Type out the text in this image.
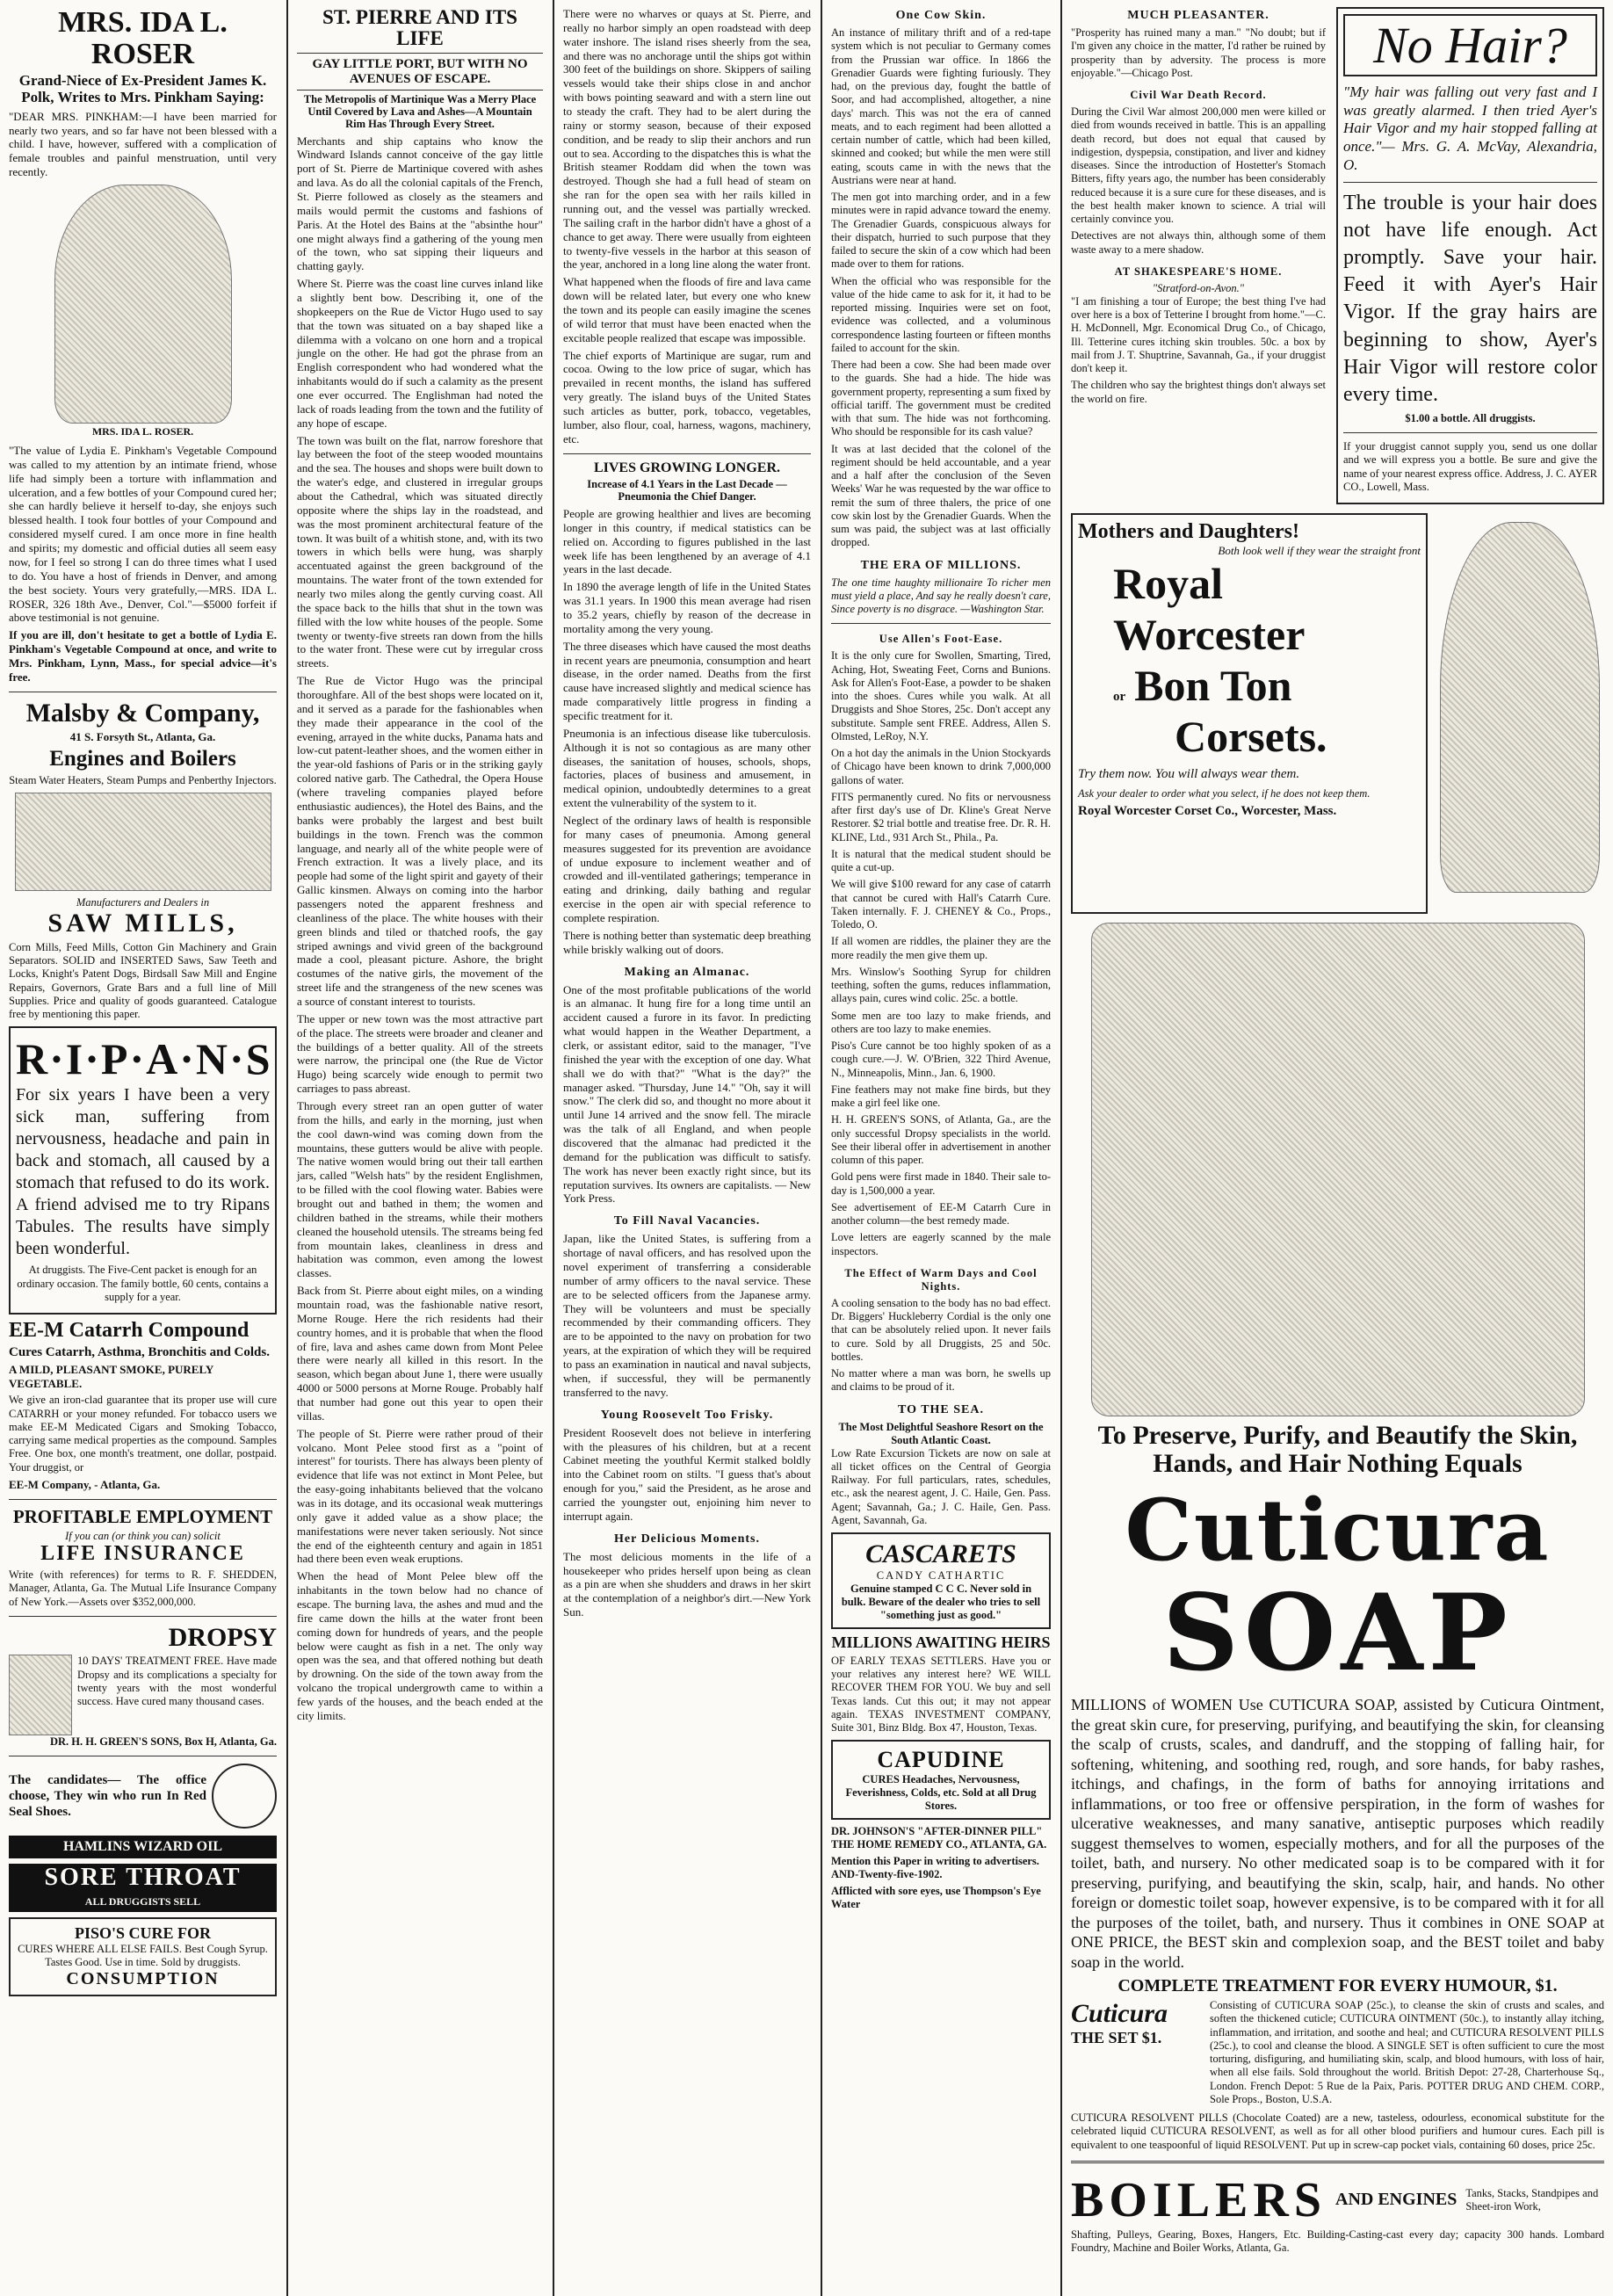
MRS. IDA L. ROSER
Grand-Niece of Ex-President James K. Polk, Writes to Mrs. Pinkham Saying:

"DEAR MRS. PINKHAM:—I have been married for nearly two years, and so far have not been blessed with a child. I have, however, suffered with a complication of female troubles and painful menstruation, until very recently.

MRS. IDA L. ROSER.

"The value of Lydia E. Pinkham's Vegetable Compound was called to my attention by an intimate friend, whose life had simply been a torture with inflammation and ulceration, and a few bottles of your Compound cured her; she can hardly believe it herself to-day, she enjoys such blessed health. I took four bottles of your Compound and considered myself cured. I am once more in fine health and spirits; my domestic and official duties all seem easy now, for I feel so strong I can do three times what I used to do. You have a host of friends in Denver, and among the best society. Yours very gratefully,—MRS. IDA L. ROSER, 326 18th Ave., Denver, Col."—$5000 forfeit if above testimonial is not genuine.

If you are ill, don't hesitate to get a bottle of Lydia E. Pinkham's Vegetable Compound at once, and write to Mrs. Pinkham, Lynn, Mass., for special advice—it's free.

Malsby & Company,
41 S. Forsyth St., Atlanta, Ga.
Engines and Boilers
Steam Water Heaters, Steam Pumps and Penberthy Injectors.
Manufacturers and Dealers in
SAW MILLS,

Corn Mills, Feed Mills, Cotton Gin Machinery and Grain Separators. SOLID and INSERTED Saws, Saw Teeth and Locks, Knight's Patent Dogs, Birdsall Saw Mill and Engine Repairs, Governors, Grate Bars and a full line of Mill Supplies. Price and quality of goods guaranteed. Catalogue free by mentioning this paper.

R·I·P·A·N·S

For six years I have been a very sick man, suffering from nervousness, headache and pain in back and stomach, all caused by a stomach that refused to do its work. A friend advised me to try Ripans Tabules. The results have simply been wonderful.

At druggists. The Five-Cent packet is enough for an ordinary occasion. The family bottle, 60 cents, contains a supply for a year.

EE-M Catarrh Compound
Cures Catarrh, Asthma, Bronchitis and Colds.
A MILD, PLEASANT SMOKE, PURELY VEGETABLE.

We give an iron-clad guarantee that its proper use will cure CATARRH or your money refunded. For tobacco users we make EE-M Medicated Cigars and Smoking Tobacco, carrying same medical properties as the compound. Samples Free. One box, one month's treatment, one dollar, postpaid. Your druggist, or

EE-M Company, - Atlanta, Ga.
PROFITABLE EMPLOYMENT
If you can (or think you can) solicit
LIFE INSURANCE

Write (with references) for terms to R. F. SHEDDEN, Manager, Atlanta, Ga. The Mutual Life Insurance Company of New York.—Assets over $352,000,000.

DROPSY

10 DAYS' TREATMENT FREE. Have made Dropsy and its complications a specialty for twenty years with the most wonderful success. Have cured many thousand cases.

DR. H. H. GREEN'S SONS, Box H, Atlanta, Ga.

The candidates— The office choose, They win who run In Red Seal Shoes.

HAMLINS WIZARD OIL
SORE THROAT
ALL DRUGGISTS SELL
PISO'S CURE FOR
CURES WHERE ALL ELSE FAILS. Best Cough Syrup. Tastes Good. Use in time. Sold by druggists.
CONSUMPTION
ST. PIERRE AND ITS LIFE
GAY LITTLE PORT, BUT WITH NO AVENUES OF ESCAPE.
The Metropolis of Martinique Was a Merry Place Until Covered by Lava and Ashes—A Mountain Rim Has Through Every Street.

Merchants and ship captains who know the Windward Islands cannot conceive of the gay little port of St. Pierre de Martinique covered with ashes and lava. As do all the colonial capitals of the French, St. Pierre followed as closely as the steamers and mails would permit the customs and fashions of Paris. At the Hotel des Bains at the "absinthe hour" one might always find a gathering of the young men of the town, who sat sipping their liqueurs and chatting gayly.

Where St. Pierre was the coast line curves inland like a slightly bent bow. Describing it, one of the shopkeepers on the Rue de Victor Hugo used to say that the town was situated on a bay shaped like a dilemma with a volcano on one horn and a tropical jungle on the other. He had got the phrase from an English correspondent who had wondered what the inhabitants would do if such a calamity as the present one ever occurred. The Englishman had noted the lack of roads leading from the town and the futility of any hope of escape.

The town was built on the flat, narrow foreshore that lay between the foot of the steep wooded mountains and the sea. The houses and shops were built down to the water's edge, and clustered in irregular groups about the Cathedral, which was situated directly opposite where the ships lay in the roadstead, and was the most prominent architectural feature of the town. It was built of a whitish stone, and, with its two towers in which bells were hung, was sharply accentuated against the green background of the mountains. The water front of the town extended for nearly two miles along the gently curving coast. All the space back to the hills that shut in the town was filled with the low white houses of the people. Some twenty or twenty-five streets ran down from the hills to the water front. These were cut by irregular cross streets.

The Rue de Victor Hugo was the principal thoroughfare. All of the best shops were located on it, and it served as a parade for the fashionables when they made their appearance in the cool of the evening, arrayed in the white ducks, Panama hats and low-cut patent-leather shoes, and the women either in the year-old fashions of Paris or in the striking gayly colored native garb. The Cathedral, the Opera House (where traveling companies played before enthusiastic audiences), the Hotel des Bains, and the banks were probably the largest and best built buildings in the town. French was the common language, and nearly all of the white people were of French extraction. It was a lively place, and its people had some of the light spirit and gayety of their Gallic kinsmen. Always on coming into the harbor passengers noted the apparent freshness and cleanliness of the place. The white houses with their green blinds and tiled or thatched roofs, the gay striped awnings and vivid green of the background made a cool, pleasant picture. Ashore, the bright costumes of the native girls, the movement of the street life and the strangeness of the new scenes was a source of constant interest to tourists.

The upper or new town was the most attractive part of the place. The streets were broader and cleaner and the buildings of a better quality. All of the streets were narrow, the principal one (the Rue de Victor Hugo) being scarcely wide enough to permit two carriages to pass abreast.

Through every street ran an open gutter of water from the hills, and early in the morning, just when the cool dawn-wind was coming down from the mountains, these gutters would be alive with people. The native women would bring out their tall earthen jars, called "Welsh hats" by the resident Englishmen, to be filled with the cool flowing water. Babies were brought out and bathed in them; the women and children bathed in the streams, while their mothers cleaned the household utensils. The streams being fed from mountain lakes, cleanliness in dress and habitation was common, even among the lowest classes.

Back from St. Pierre about eight miles, on a winding mountain road, was the fashionable native resort, Morne Rouge. Here the rich residents had their country homes, and it is probable that when the flood of fire, lava and ashes came down from Mont Pelee there were nearly all killed in this resort. In the season, which began about June 1, there were usually 4000 or 5000 persons at Morne Rouge. Probably half that number had gone out this year to open their villas.

The people of St. Pierre were rather proud of their volcano. Mont Pelee stood first as a "point of interest" for tourists. There has always been plenty of evidence that life was not extinct in Mont Pelee, but the easy-going inhabitants believed that the volcano was in its dotage, and its occasional weak mutterings only gave it added value as a show place; the manifestations were never taken seriously. Not since the end of the eighteenth century and again in 1851 had there been even weak eruptions.

When the head of Mont Pelee blew off the inhabitants in the town below had no chance of escape. The burning lava, the ashes and mud and the fire came down the hills at the water front been coming down for hundreds of years, and the people below were caught as fish in a net. The only way open was the sea, and that offered nothing but death by drowning. On the side of the town away from the volcano the tropical undergrowth came to within a few yards of the houses, and the beach ended at the city limits.

There were no wharves or quays at St. Pierre, and really no harbor simply an open roadstead with deep water inshore. The island rises sheerly from the sea, and there was no anchorage until the ships got within 300 feet of the buildings on shore. Skippers of sailing vessels would take their ships close in and anchor with bows pointing seaward and with a stern line out to steady the craft. They had to be alert during the rainy or stormy season, because of their exposed condition, and be ready to slip their anchors and run out to sea. According to the dispatches this is what the British steamer Roddam did when the town was destroyed. Though she had a full head of steam on she ran for the open sea with her rails killed in running out, and the vessel was partially wrecked. The sailing craft in the harbor didn't have a ghost of a chance to get away. There were usually from eighteen to twenty-five vessels in the harbor at this season of the year, anchored in a long line along the water front.

What happened when the floods of fire and lava came down will be related later, but every one who knew the town and its people can easily imagine the scenes of wild terror that must have been enacted when the excitable people realized that escape was impossible.

The chief exports of Martinique are sugar, rum and cocoa. Owing to the low price of sugar, which has prevailed in recent months, the island has suffered very greatly. The island buys of the United States such articles as butter, pork, tobacco, vegetables, lumber, also flour, coal, harness, wagons, machinery, etc.

LIVES GROWING LONGER.
Increase of 4.1 Years in the Last Decade —Pneumonia the Chief Danger.

People are growing healthier and lives are becoming longer in this country, if medical statistics can be relied on. According to figures published in the last week life has been lengthened by an average of 4.1 years in the last decade.

In 1890 the average length of life in the United States was 31.1 years. In 1900 this mean average had risen to 35.2 years, chiefly by reason of the decrease in mortality among the very young.

The three diseases which have caused the most deaths in recent years are pneumonia, consumption and heart disease, in the order named. Deaths from the first cause have increased slightly and medical science has made comparatively little progress in finding a specific treatment for it.

Pneumonia is an infectious disease like tuberculosis. Although it is not so contagious as are many other diseases, the sanitation of houses, schools, shops, factories, places of business and amusement, in medical opinion, undoubtedly determines to a great extent the vulnerability of the system to it.

Neglect of the ordinary laws of health is responsible for many cases of pneumonia. Among general measures suggested for its prevention are avoidance of undue exposure to inclement weather and of crowded and ill-ventilated gatherings; temperance in eating and drinking, daily bathing and regular exercise in the open air with special reference to complete respiration.

There is nothing better than systematic deep breathing while briskly walking out of doors.

Making an Almanac.

One of the most profitable publications of the world is an almanac. It hung fire for a long time until an accident caused a furore in its favor. In predicting what would happen in the Weather Department, a clerk, or assistant editor, said to the manager, "I've finished the year with the exception of one day. What shall we do with that?" "What is the day?" the manager asked. "Thursday, June 14." "Oh, say it will snow." The clerk did so, and thought no more about it until June 14 arrived and the snow fell. The miracle was the talk of all England, and when people discovered that the almanac had predicted it the demand for the publication was difficult to satisfy. The work has never been exactly right since, but its reputation survives. Its owners are capitalists. — New York Press.

To Fill Naval Vacancies.

Japan, like the United States, is suffering from a shortage of naval officers, and has resolved upon the novel experiment of transferring a considerable number of army officers to the naval service. These are to be selected officers from the Japanese army. They will be volunteers and must be specially recommended by their commanding officers. They are to be appointed to the navy on probation for two years, at the expiration of which they will be required to pass an examination in nautical and naval subjects, when, if successful, they will be permanently transferred to the navy.

Young Roosevelt Too Frisky.

President Roosevelt does not believe in interfering with the pleasures of his children, but at a recent Cabinet meeting the youthful Kermit stalked boldly into the Cabinet room on stilts. "I guess that's about enough for you," said the President, as he arose and carried the youngster out, enjoining him never to interrupt again.

Her Delicious Moments.

The most delicious moments in the life of a housekeeper who prides herself upon being as clean as a pin are when she shudders and draws in her skirt at the contemplation of a neighbor's dirt.—New York Sun.

One Cow Skin.

An instance of military thrift and of a red-tape system which is not peculiar to Germany comes from the Prussian war office. In 1866 the Grenadier Guards were fighting furiously. They had, on the previous day, fought the battle of Soor, and had accomplished, altogether, a nine days' march. This was not the era of canned meats, and to each regiment had been allotted a certain number of cattle, which had been killed, skinned and cooked; but while the men were still eating, scouts came in with the news that the Austrians were near at hand.

The men got into marching order, and in a few minutes were in rapid advance toward the enemy. The Grenadier Guards, conspicuous always for their dispatch, hurried to such purpose that they failed to secure the skin of a cow which had been made over to them for rations.

When the official who was responsible for the value of the hide came to ask for it, it had to be reported missing. Inquiries were set on foot, evidence was collected, and a voluminous correspondence lasting fourteen or fifteen months failed to account for the skin.

There had been a cow. She had been made over to the guards. She had a hide. The hide was government property, representing a sum fixed by official tariff. The government must be credited with that sum. The hide was not forthcoming. Who should be responsible for its cash value?

It was at last decided that the colonel of the regiment should be held accountable, and a year and a half after the conclusion of the Seven Weeks' War he was requested by the war office to remit the sum of three thalers, the price of one cow skin lost by the Grenadier Guards. When the sum was paid, the subject was at last officially dropped.

THE ERA OF MILLIONS.

The one time haughty millionaire To richer men must yield a place, And say he really doesn't care, Since poverty is no disgrace. —Washington Star.

Use Allen's Foot-Ease.

It is the only cure for Swollen, Smarting, Tired, Aching, Hot, Sweating Feet, Corns and Bunions. Ask for Allen's Foot-Ease, a powder to be shaken into the shoes. Cures while you walk. At all Druggists and Shoe Stores, 25c. Don't accept any substitute. Sample sent FREE. Address, Allen S. Olmsted, LeRoy, N.Y.

On a hot day the animals in the Union Stockyards of Chicago have been known to drink 7,000,000 gallons of water.

FITS permanently cured. No fits or nervousness after first day's use of Dr. Kline's Great Nerve Restorer. $2 trial bottle and treatise free. Dr. R. H. KLINE, Ltd., 931 Arch St., Phila., Pa.

It is natural that the medical student should be quite a cut-up.

We will give $100 reward for any case of catarrh that cannot be cured with Hall's Catarrh Cure. Taken internally. F. J. CHENEY & Co., Props., Toledo, O.

If all women are riddles, the plainer they are the more readily the men give them up.

Mrs. Winslow's Soothing Syrup for children teething, soften the gums, reduces inflammation, allays pain, cures wind colic. 25c. a bottle.

Some men are too lazy to make friends, and others are too lazy to make enemies.

Piso's Cure cannot be too highly spoken of as a cough cure.—J. W. O'Brien, 322 Third Avenue, N., Minneapolis, Minn., Jan. 6, 1900.

Fine feathers may not make fine birds, but they make a girl feel like one.

H. H. GREEN'S SONS, of Atlanta, Ga., are the only successful Dropsy specialists in the world. See their liberal offer in advertisement in another column of this paper.

Gold pens were first made in 1840. Their sale to-day is 1,500,000 a year.

See advertisement of EE-M Catarrh Cure in another column—the best remedy made.

Love letters are eagerly scanned by the male inspectors.

The Effect of Warm Days and Cool Nights.

A cooling sensation to the body has no bad effect. Dr. Biggers' Huckleberry Cordial is the only one that can be absolutely relied upon. It never fails to cure. Sold by all Druggists, 25 and 50c. bottles.

No matter where a man was born, he swells up and claims to be proud of it.

TO THE SEA.
The Most Delightful Seashore Resort on the South Atlantic Coast.

Low Rate Excursion Tickets are now on sale at all ticket offices on the Central of Georgia Railway. For full particulars, rates, schedules, etc., ask the nearest agent, J. C. Haile, Gen. Pass. Agent; Savannah, Ga.; J. C. Haile, Gen. Pass. Agent, Savannah, Ga.

CASCARETS
CANDY CATHARTIC
Genuine stamped C C C. Never sold in bulk. Beware of the dealer who tries to sell "something just as good."
MILLIONS AWAITING HEIRS

OF EARLY TEXAS SETTLERS. Have you or your relatives any interest here? WE WILL RECOVER THEM FOR YOU. We buy and sell Texas lands. Cut this out; it may not appear again. TEXAS INVESTMENT COMPANY, Suite 301, Binz Bldg. Box 47, Houston, Texas.

CAPUDINE
CURES Headaches, Nervousness, Feverishness, Colds, etc. Sold at all Drug Stores.
DR. JOHNSON'S "AFTER-DINNER PILL" THE HOME REMEDY CO., ATLANTA, GA.
Mention this Paper in writing to advertisers. AND-Twenty-five-1902.
Afflicted with sore eyes, use Thompson's Eye Water
MUCH PLEASANTER.

"Prosperity has ruined many a man." "No doubt; but if I'm given any choice in the matter, I'd rather be ruined by prosperity than by adversity. The process is more enjoyable."—Chicago Post.

Civil War Death Record.

During the Civil War almost 200,000 men were killed or died from wounds received in battle. This is an appalling death record, but does not equal that caused by indigestion, dyspepsia, constipation, and liver and kidney diseases. Since the introduction of Hostetter's Stomach Bitters, fifty years ago, the number has been considerably reduced because it is a sure cure for these diseases, and is the best health maker known to science. A trial will certainly convince you.

Detectives are not always thin, although some of them waste away to a mere shadow.

AT SHAKESPEARE'S HOME.
"Stratford-on-Avon."

"I am finishing a tour of Europe; the best thing I've had over here is a box of Tetterine I brought from home."—C. H. McDonnell, Mgr. Economical Drug Co., of Chicago, Ill. Tetterine cures itching skin troubles. 50c. a box by mail from J. T. Shuptrine, Savannah, Ga., if your druggist don't keep it.

The children who say the brightest things don't always set the world on fire.

No Hair?

"My hair was falling out very fast and I was greatly alarmed. I then tried Ayer's Hair Vigor and my hair stopped falling at once."— Mrs. G. A. McVay, Alexandria, O.

The trouble is your hair does not have life enough. Act promptly. Save your hair. Feed it with Ayer's Hair Vigor. If the gray hairs are beginning to show, Ayer's Hair Vigor will restore color every time.

$1.00 a bottle. All druggists.

If your druggist cannot supply you, send us one dollar and we will express you a bottle. Be sure and give the name of your nearest express office. Address, J. C. AYER CO., Lowell, Mass.

Mothers and Daughters!
Both look well if they wear the straight front
Royal
Worcester
or Bon Ton
Corsets.
Try them now. You will always wear them.
Ask your dealer to order what you select, if he does not keep them.
Royal Worcester Corset Co., Worcester, Mass.
To Preserve, Purify, and Beautify the Skin, Hands, and Hair Nothing Equals
Cuticura
SOAP

MILLIONS of WOMEN Use CUTICURA SOAP, assisted by Cuticura Ointment, the great skin cure, for preserving, purifying, and beautifying the skin, for cleansing the scalp of crusts, scales, and dandruff, and the stopping of falling hair, for softening, whitening, and soothing red, rough, and sore hands, for baby rashes, itchings, and chafings, in the form of baths for annoying irritations and inflammations, or too free or offensive perspiration, in the form of washes for ulcerative weaknesses, and many sanative, antiseptic purposes which readily suggest themselves to women, especially mothers, and for all the purposes of the toilet, bath, and nursery. No other medicated soap is to be compared with it for preserving, purifying, and beautifying the skin, scalp, hair, and hands. No other foreign or domestic toilet soap, however expensive, is to be compared with it for all the purposes of the toilet, bath, and nursery. Thus it combines in ONE SOAP at ONE PRICE, the BEST skin and complexion soap, and the BEST toilet and baby soap in the world.

COMPLETE TREATMENT FOR EVERY HUMOUR, $1.
Cuticura
THE SET $1.

Consisting of CUTICURA SOAP (25c.), to cleanse the skin of crusts and scales, and soften the thickened cuticle; CUTICURA OINTMENT (50c.), to instantly allay itching, inflammation, and irritation, and soothe and heal; and CUTICURA RESOLVENT PILLS (25c.), to cool and cleanse the blood. A SINGLE SET is often sufficient to cure the most torturing, disfiguring, and humiliating skin, scalp, and blood humours, with loss of hair, when all else fails. Sold throughout the world. British Depot: 27-28, Charterhouse Sq., London. French Depot: 5 Rue de la Paix, Paris. POTTER DRUG AND CHEM. CORP., Sole Props., Boston, U.S.A.

CUTICURA RESOLVENT PILLS (Chocolate Coated) are a new, tasteless, odourless, economical substitute for the celebrated liquid CUTICURA RESOLVENT, as well as for all other blood purifiers and humour cures. Each pill is equivalent to one teaspoonful of liquid RESOLVENT. Put up in screw-cap pocket vials, containing 60 doses, price 25c.

BOILERS AND ENGINES Tanks, Stacks, Standpipes and Sheet-iron Work,

Shafting, Pulleys, Gearing, Boxes, Hangers, Etc. Building-Casting-cast every day; capacity 300 hands. Lombard Foundry, Machine and Boiler Works, Atlanta, Ga.
